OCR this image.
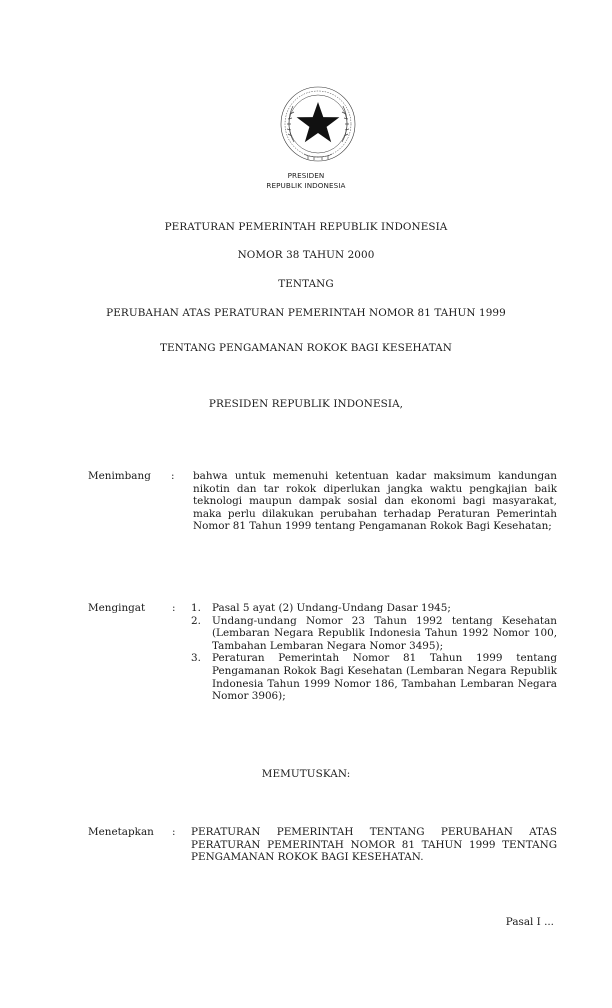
PRESIDEN
REPUBLIK INDONESIA
PERATURAN PEMERINTAH REPUBLIK INDONESIA
NOMOR 38 TAHUN 2000
TENTANG
PERUBAHAN ATAS PERATURAN PEMERINTAH NOMOR 81 TAHUN 1999
TENTANG PENGAMANAN ROKOK BAGI KESEHATAN
PRESIDEN REPUBLIK INDONESIA,
Menimbang : bahwa untuk memenuhi ketentuan kadar maksimum kandungan nikotin dan tar rokok diperlukan jangka waktu pengkajian baik teknologi maupun dampak sosial dan ekonomi bagi masyarakat, maka perlu dilakukan perubahan terhadap Peraturan Pemerintah Nomor 81 Tahun 1999 tentang Pengamanan Rokok Bagi Kesehatan;
Mengingat	: 1. Pasal 5 ayat (2) Undang-Undang Dasar 1945;
2. Undang-undang Nomor 23 Tahun 1992 tentang Kesehatan (Lembaran Negara Republik Indonesia Tahun 1992 Nomor 100, Tambahan Lembaran Negara Nomor 3495);
3. Peraturan Pemerintah Nomor 81 Tahun 1999 tentang Pengamanan Rokok Bagi Kesehatan (Lembaran Negara Republik Indonesia Tahun 1999 Nomor 186, Tambahan Lembaran Negara Nomor 3906);
MEMUTUSKAN:
Menetapkan : PERATURAN PEMERINTAH TENTANG PERUBAHAN ATAS PERATURAN PEMERINTAH NOMOR 81 TAHUN 1999 TENTANG PENGAMANAN ROKOK BAGI KESEHATAN.
Pasal I ...
